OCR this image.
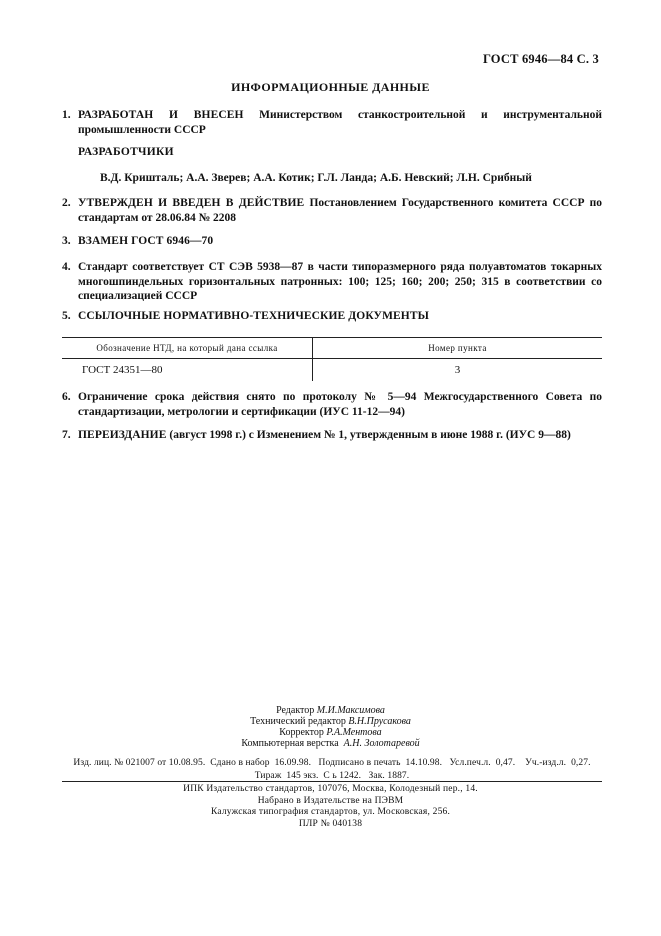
ГОСТ 6946—84 С. 3
ИНФОРМАЦИОННЫЕ ДАННЫЕ
1. РАЗРАБОТАН И ВНЕСЕН Министерством станкостроительной и инструментальной промышленности СССР
РАЗРАБОТЧИКИ
В.Д. Кришталь; А.А. Зверев; А.А. Котик; Г.Л. Ланда; А.Б. Невский; Л.Н. Срибный
2. УТВЕРЖДЕН И ВВЕДЕН В ДЕЙСТВИЕ Постановлением Государственного комитета СССР по стандартам от 28.06.84 № 2208
3. ВЗАМЕН ГОСТ 6946—70
4. Стандарт соответствует СТ СЭВ 5938—87 в части типоразмерного ряда полуавтоматов токарных многошпиндельных горизонтальных патронных: 100; 125; 160; 200; 250; 315 в соответствии со специализацией СССР
5. ССЫЛОЧНЫЕ НОРМАТИВНО-ТЕХНИЧЕСКИЕ ДОКУМЕНТЫ
Обозначение НТД, на который дана ссылка	Номер пункта
ГОСТ 24351—80	3
6. Ограничение срока действия снято по протоколу № 5—94 Межгосударственного Совета по стандартизации, метрологии и сертификации (ИУС 11-12—94)
7. ПЕРЕИЗДАНИЕ (август 1998 г.) с Изменением № 1, утвержденным в июне 1988 г. (ИУС 9—88)
Редактор М.И.Максимова
Технический редактор В.Н.Прусакова
Корректор Р.А.Ментова
Компьютерная верстка А.Н. Золотаревой
Изд. лиц. № 021007 от 10.08.95.  Сдано в набор  16.09.98.   Подписано в печать  14.10.98.   Усл.печ.л.  0,47.    Уч.-изд.л.  0,27.
Тираж  145 экз.  С ь 1242.   Зак. 1887.
ИПК Издательство стандартов, 107076, Москва, Колодезный пер., 14.
Набрано в Издательстве на ПЭВМ
Калужская типография стандартов, ул. Московская, 256.
ПЛР № 040138
